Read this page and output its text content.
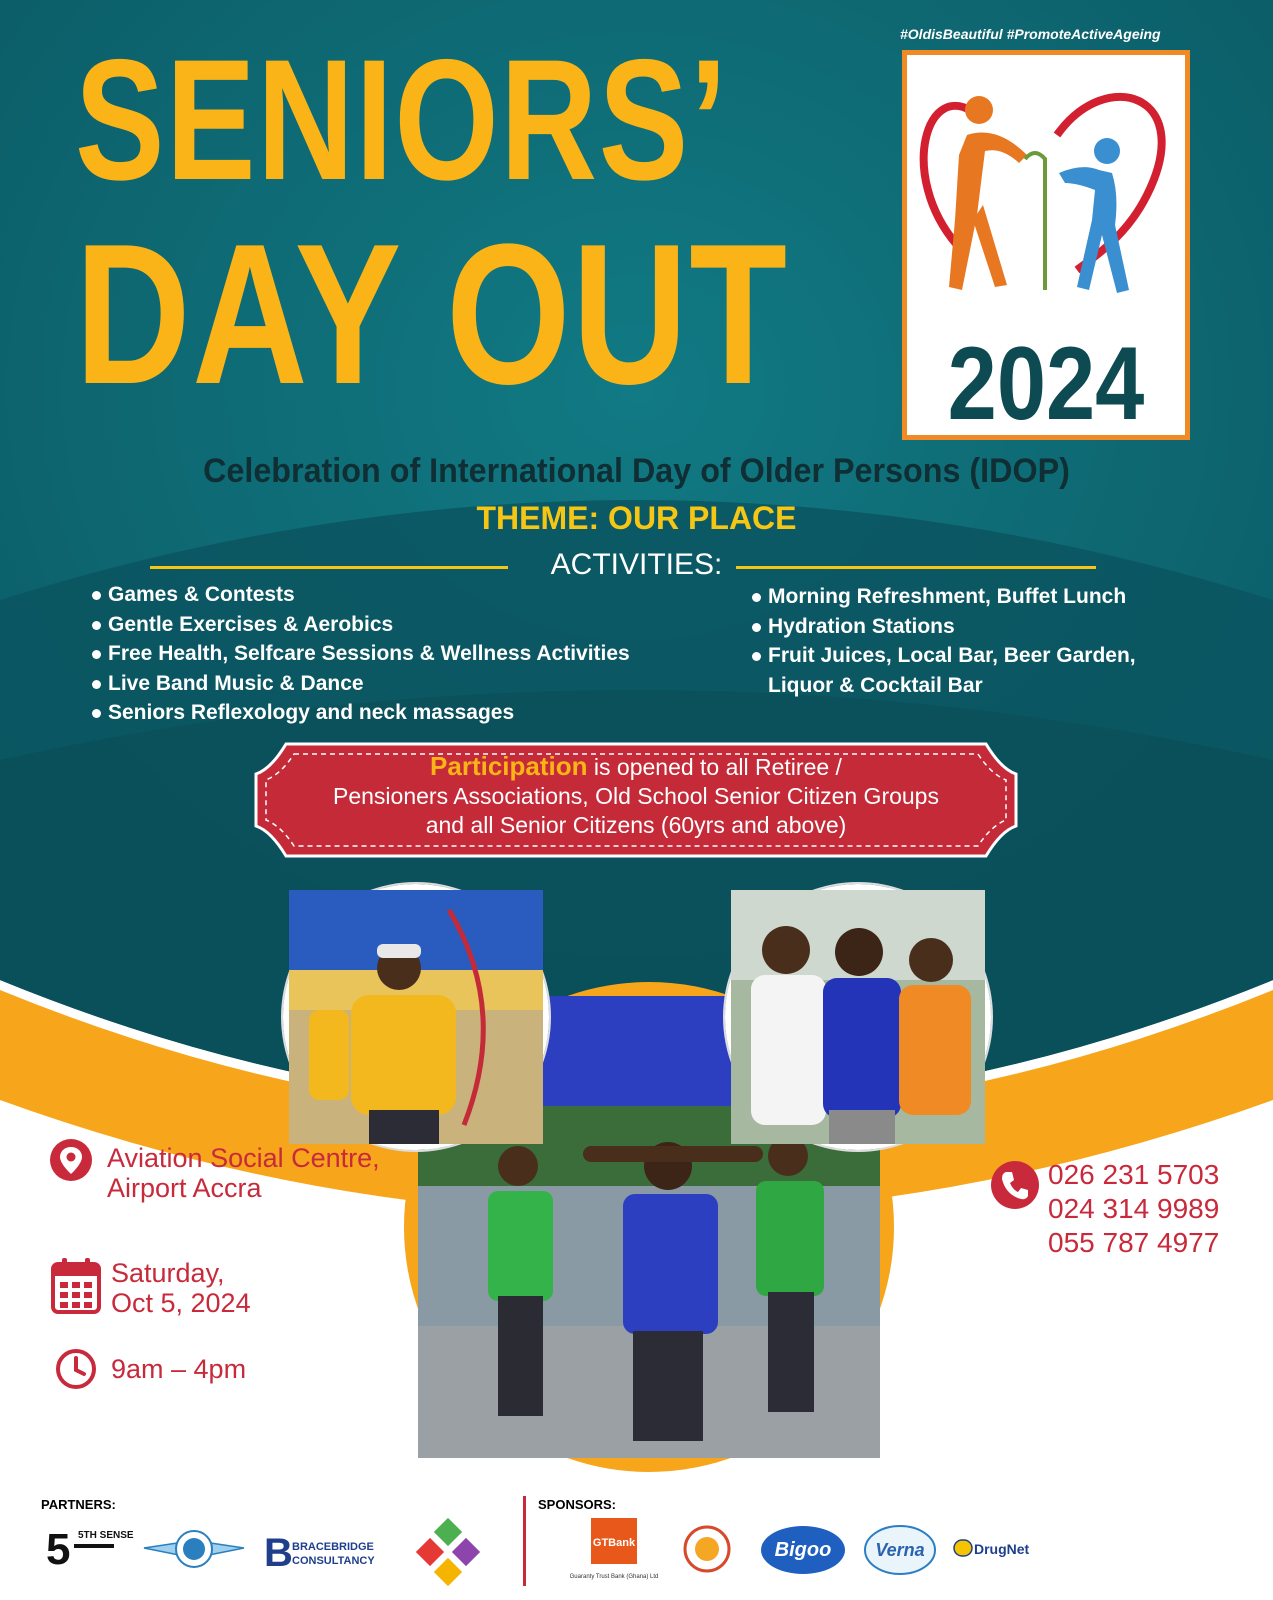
#OldisBeautiful #PromoteActiveAgeing
SENIORS’
DAY OUT 2024
Celebration of International Day of Older Persons (IDOP)
THEME: OUR PLACE
ACTIVITIES:
Games & Contests
Gentle Exercises & Aerobics
Free Health, Selfcare Sessions & Wellness Activities
Live Band Music & Dance
Seniors Reflexology and neck massages
Morning Refreshment, Buffet Lunch
Hydration Stations
Fruit Juices, Local Bar, Beer Garden,
Liquor & Cocktail Bar
Participation is opened to all Retiree /
Pensioners Associations, Old School Senior Citizen Groups
and all Senior Citizens (60yrs and above)
Aviation Social Centre,
Airport Accra
Saturday,
Oct 5, 2024
9am – 4pm
026 231 5703
024 314 9989
055 787 4977
PARTNERS:	SPONSORS:
5 5TH SENSE	B BRACEBRIDGE
CONSULTANCY
GTBank
Guaranty Trust Bank (Ghana) Ltd
Bigoo Verna	DrugNet
